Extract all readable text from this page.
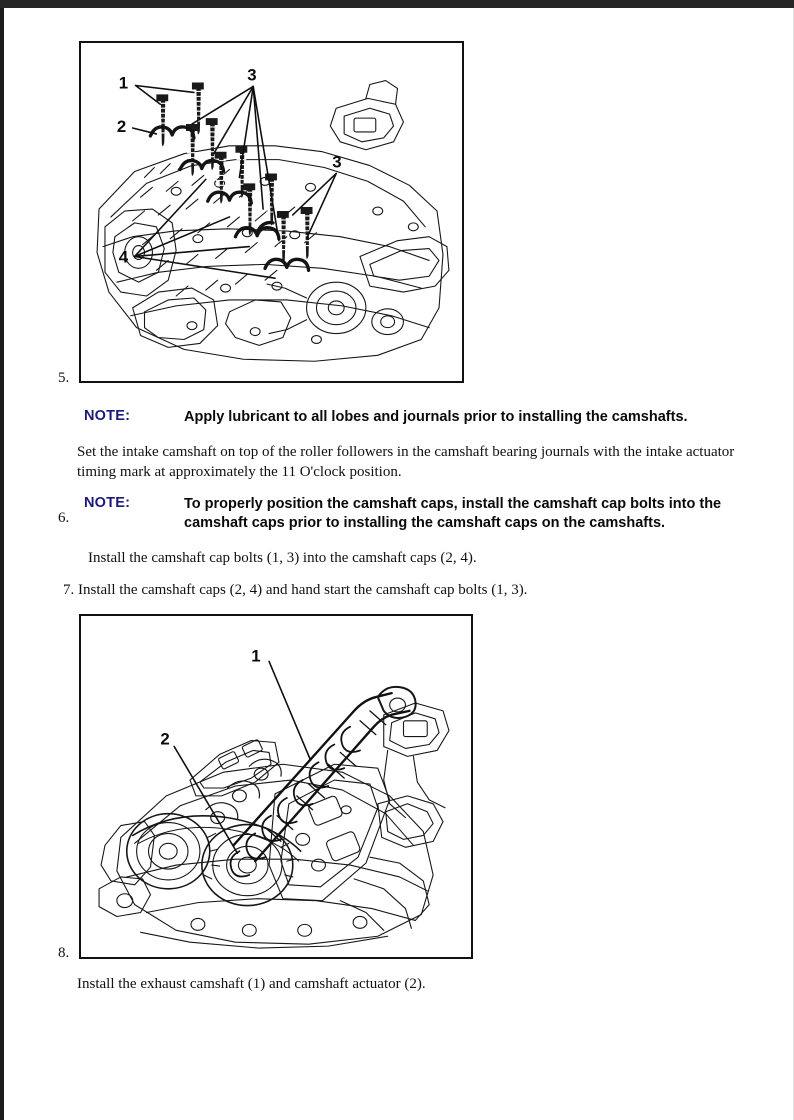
1
2
3
3
4
5.
NOTE:	Apply lubricant to all lobes and journals prior to installing the camshafts.
Set the intake camshaft on top of the roller followers in the camshaft bearing journals with the intake actuator timing mark at approximately the 11 O'clock position.
NOTE:	To properly position the camshaft caps, install the camshaft cap bolts into the camshaft caps prior to installing the camshaft caps on the camshafts.
6.
Install the camshaft cap bolts (1, 3) into the camshaft caps (2, 4).
7. Install the camshaft caps (2, 4) and hand start the camshaft cap bolts (1, 3).
1
2
8.
Install the exhaust camshaft (1) and camshaft actuator (2).
